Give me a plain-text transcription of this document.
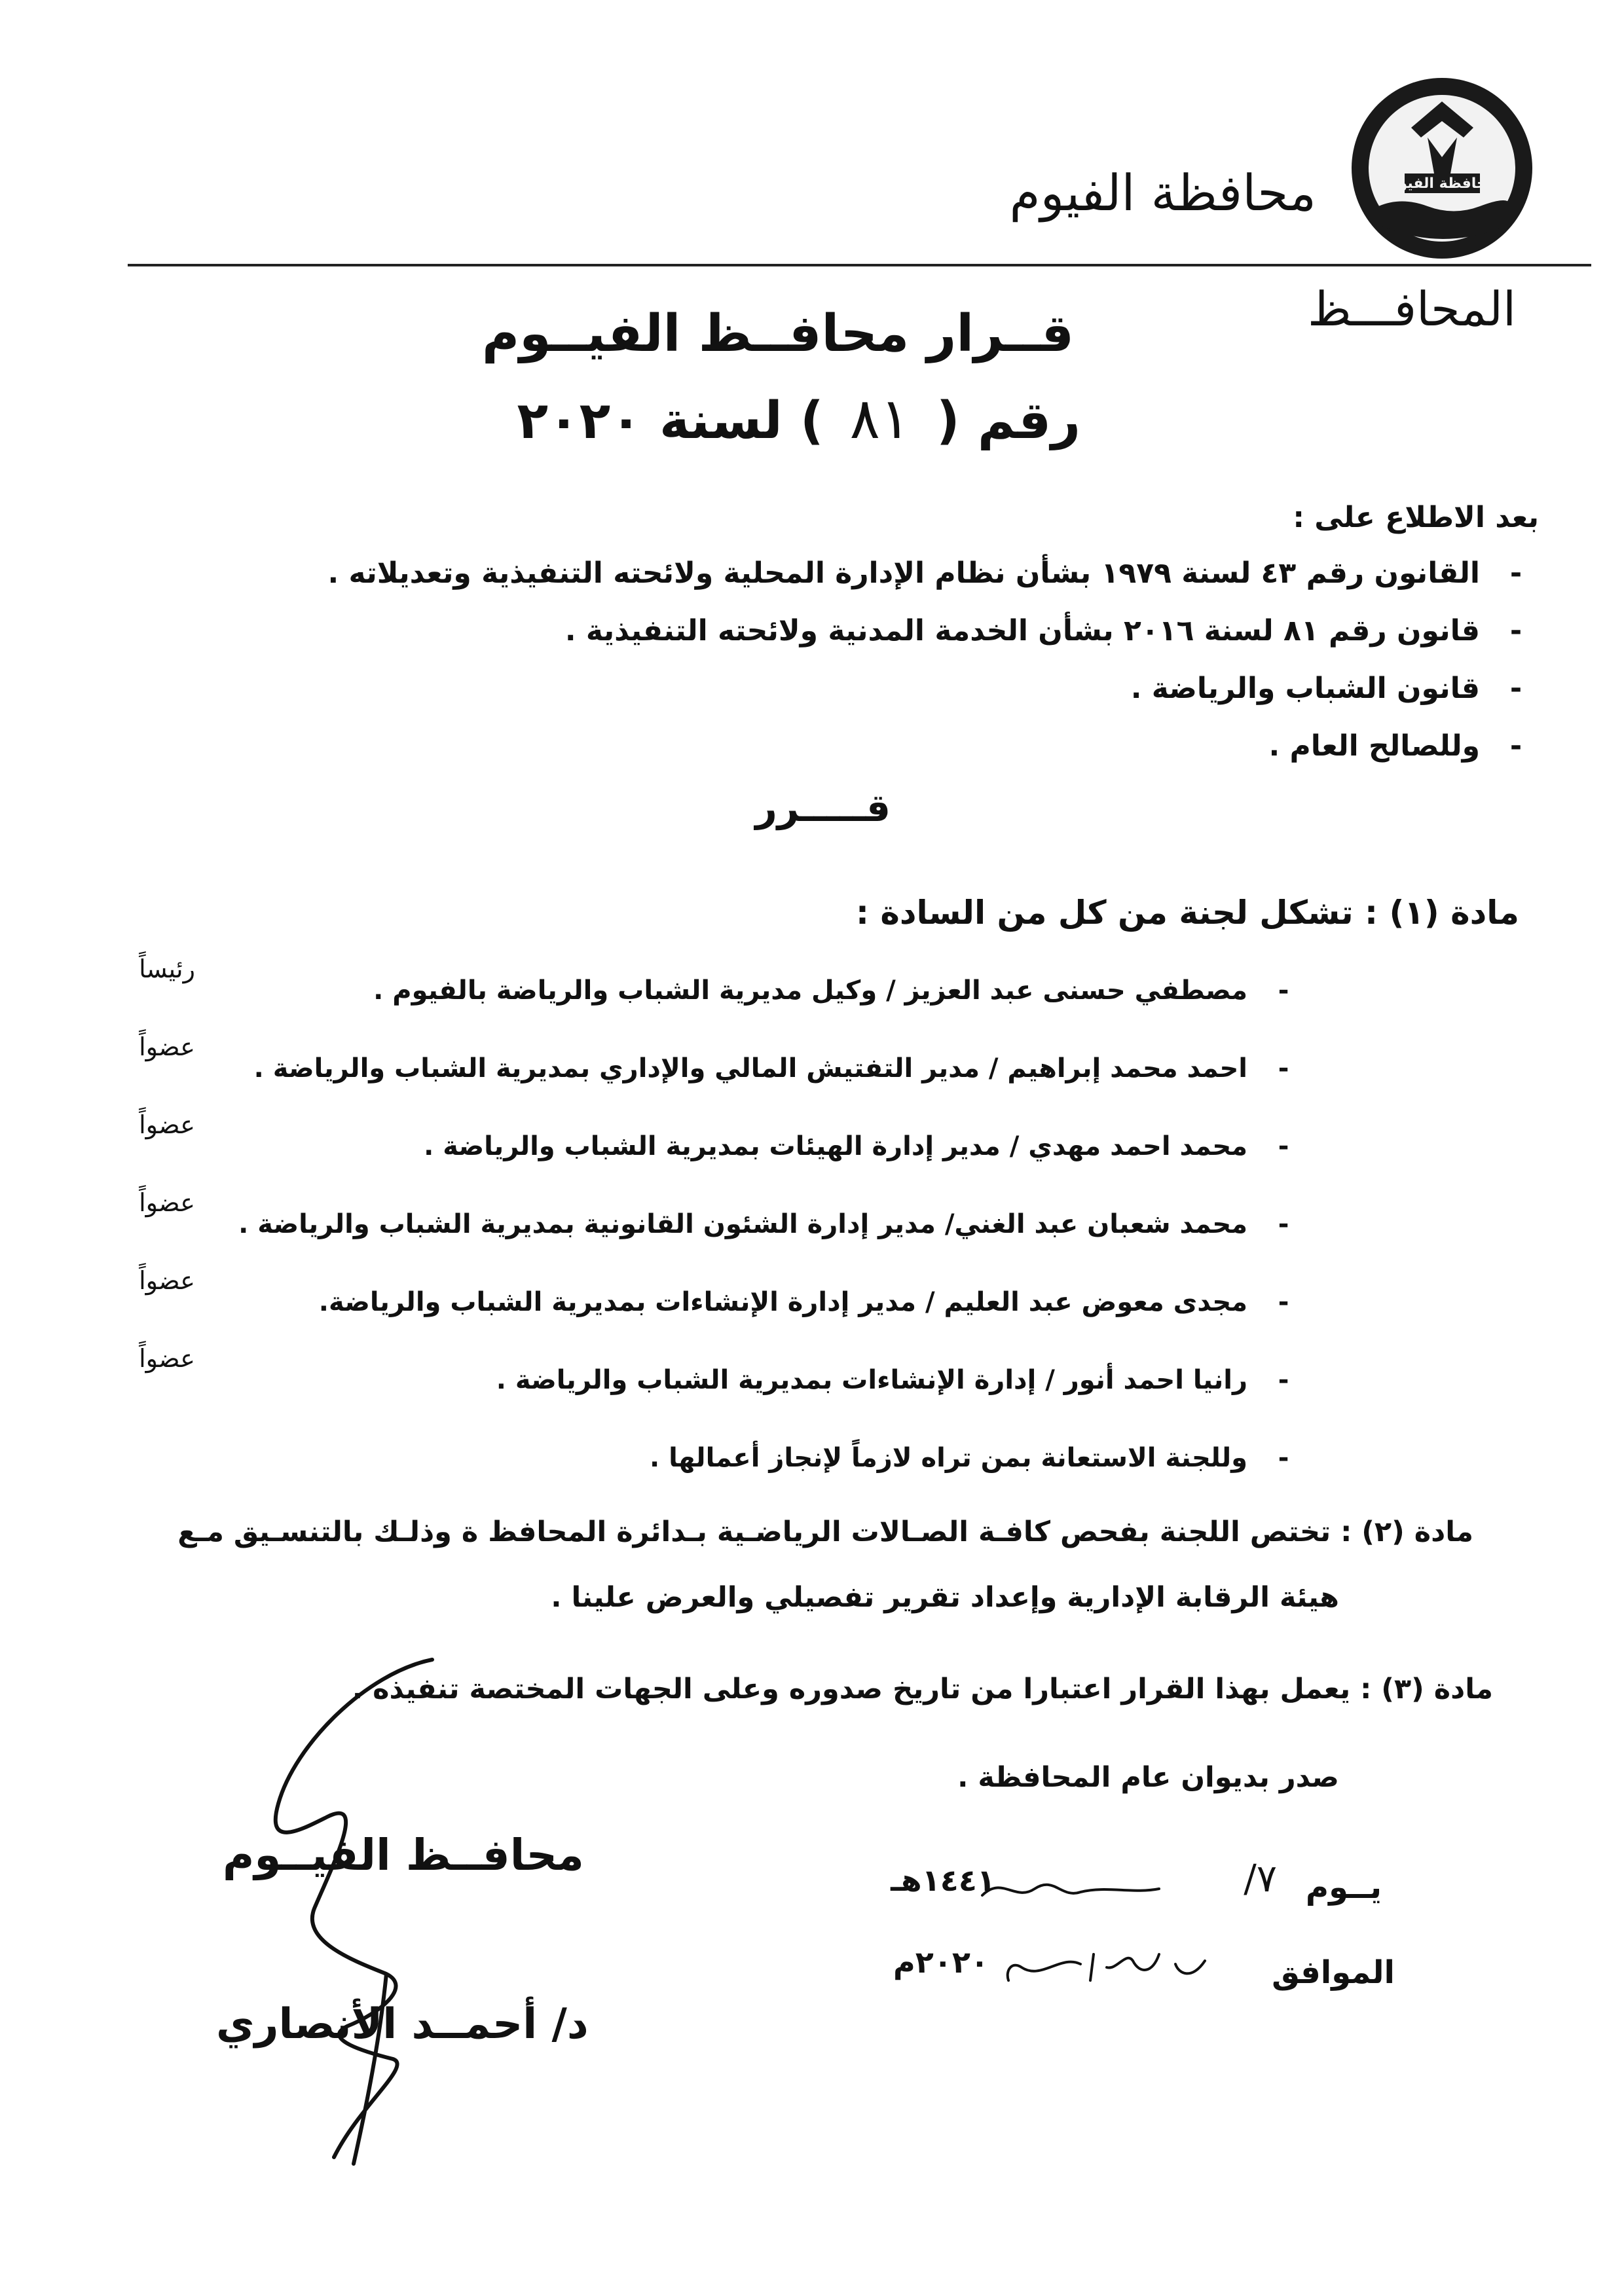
محافظة الفيوم
محافظة الفيوم
المحافـــظ
قــرار محافــظ الفيــوم
رقم (٨١) لسنة ٢٠٢٠
بعد الاطلاع على :
-القانون رقم ٤٣ لسنة ١٩٧٩ بشأن نظام الإدارة المحلية ولائحته التنفيذية وتعديلاته .
-قانون رقم ٨١ لسنة ٢٠١٦ بشأن الخدمة المدنية ولائحته التنفيذية .
-قانون الشباب والرياضة .
-وللصالح العام .
قـــــرر
مادة (١) : تشكل لجنة من كل من السادة :
-مصطفي حسنى عبد العزيز / وكيل مديرية الشباب والرياضة بالفيوم .
-احمد محمد إبراهيم / مدير التفتيش المالي والإداري بمديرية الشباب والرياضة .
-محمد احمد مهدي / مدير إدارة الهيئات بمديرية الشباب والرياضة .
-محمد شعبان عبد الغني/ مدير إدارة الشئون القانونية بمديرية الشباب والرياضة .
-مجدى معوض عبد العليم / مدير إدارة الإنشاءات بمديرية الشباب والرياضة.
-رانيا احمد أنور / إدارة الإنشاءات بمديرية الشباب والرياضة .
-وللجنة الاستعانة بمن تراه لازماً لإنجاز أعمالها .
رئيساً
عضواً
عضواً
عضواً
عضواً
عضواً
مادة (٢) : تختص اللجنة بفحص كافـة الصـالات الرياضـية بـدائرة المحافظ ة وذلـك بالتنسـيق مـع
هيئة الرقابة الإدارية وإعداد تقرير تفصيلي والعرض علينا .
مادة (٣) : يعمل بهذا القرار اعتبارا من تاريخ صدوره وعلى الجهات المختصة تنفيذه .
صدر بديوان عام المحافظة .
محافــظ الفيــوم
د/ أحمــد الأنصاري
يــوم
٧/
١٤٤١هـ
الموافق
٢٠٢٠م
